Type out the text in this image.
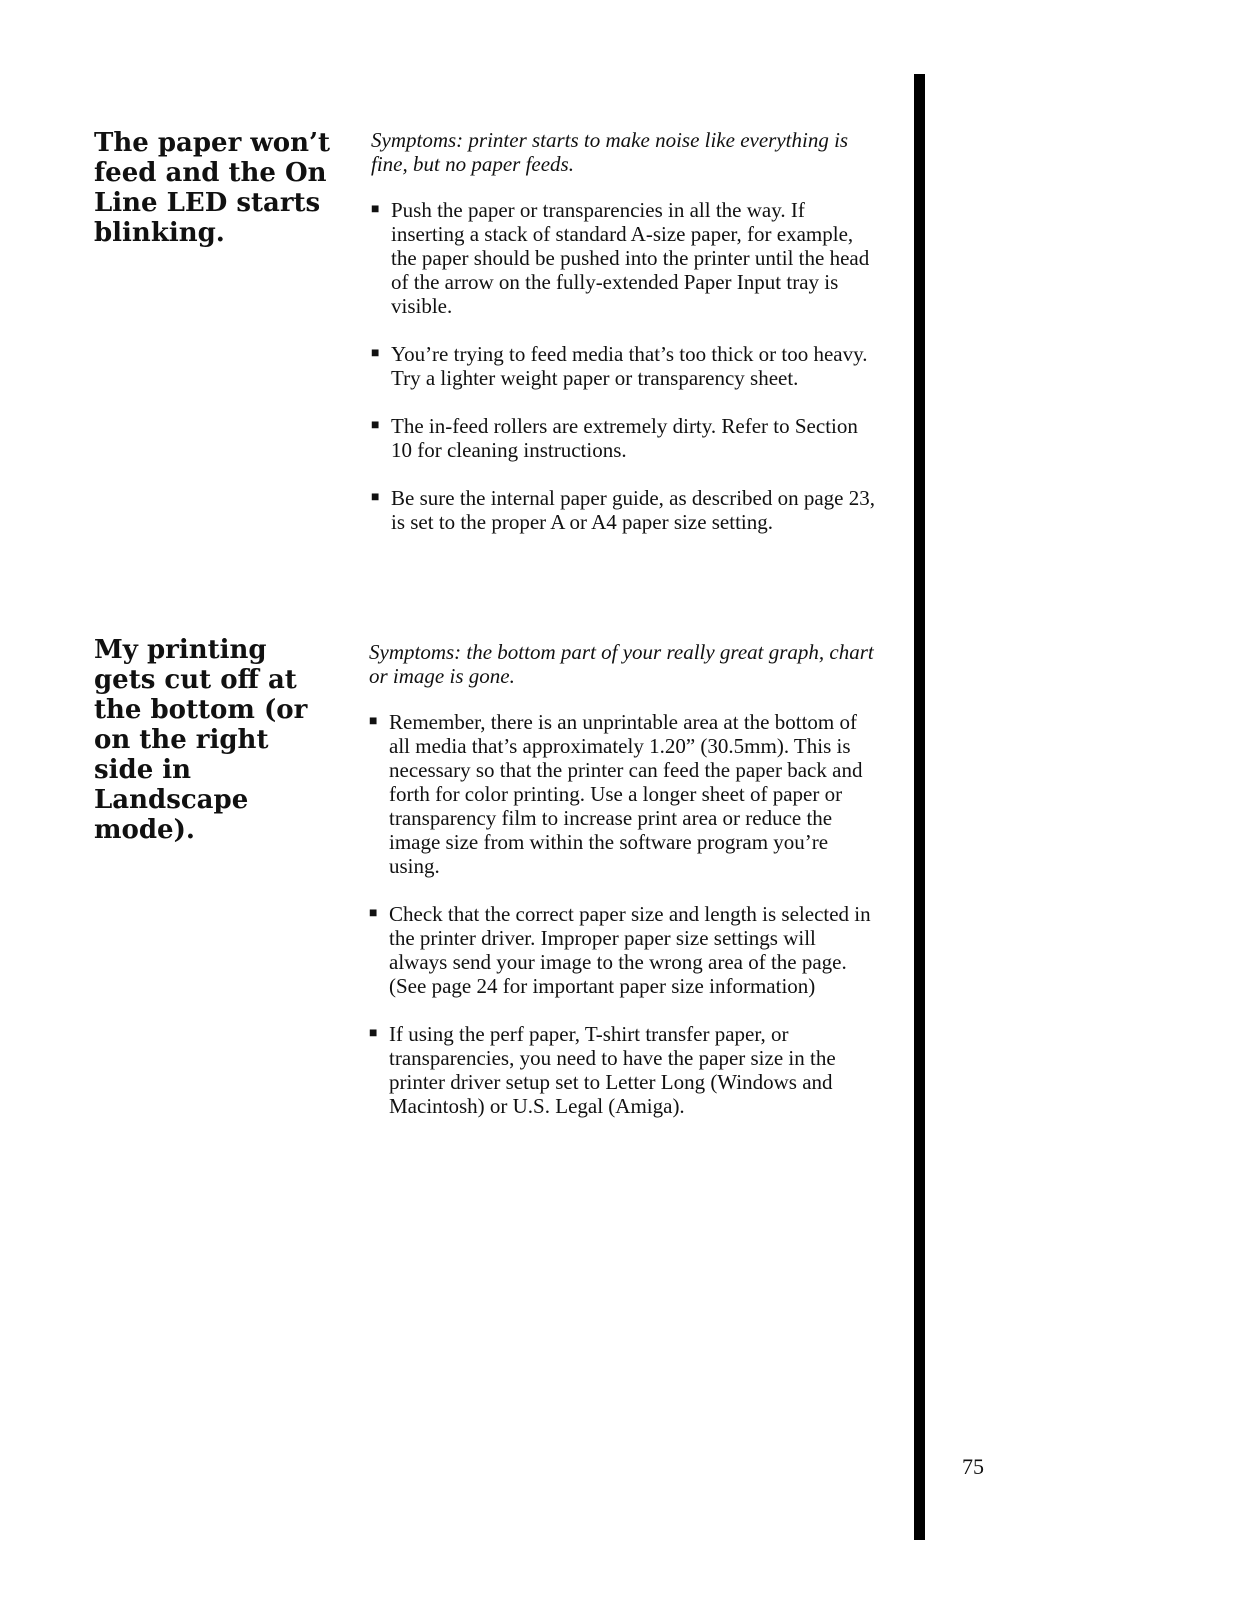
The paper won’t feed and the On Line LED starts blinking.

Symptoms: printer starts to make noise like everything is fine, but no paper feeds.

■ Push the paper or transparencies in all the way. If inserting a stack of standard A-size paper, for example, the paper should be pushed into the printer until the head of the arrow on the fully-extended Paper Input tray is visible.
■ You’re trying to feed media that’s too thick or too heavy. Try a lighter weight paper or transparency sheet.
■ The in-feed rollers are extremely dirty. Refer to Section 10 for cleaning instructions.
■ Be sure the internal paper guide, as described on page 23, is set to the proper A or A4 paper size setting.
My printing gets cut off at the bottom (or on the right side in Landscape mode).

Symptoms: the bottom part of your really great graph, chart or image is gone.

■ Remember, there is an unprintable area at the bottom of all media that’s approximately 1.20” (30.5mm). This is necessary so that the printer can feed the paper back and forth for color printing. Use a longer sheet of paper or transparency film to increase print area or reduce the image size from within the software program you’re using.
■ Check that the correct paper size and length is selected in the printer driver. Improper paper size settings will always send your image to the wrong area of the page. (See page 24 for important paper size information)
■ If using the perf paper, T-shirt transfer paper, or transparencies, you need to have the paper size in the printer driver setup set to Letter Long (Windows and Macintosh) or U.S. Legal (Amiga).
75
